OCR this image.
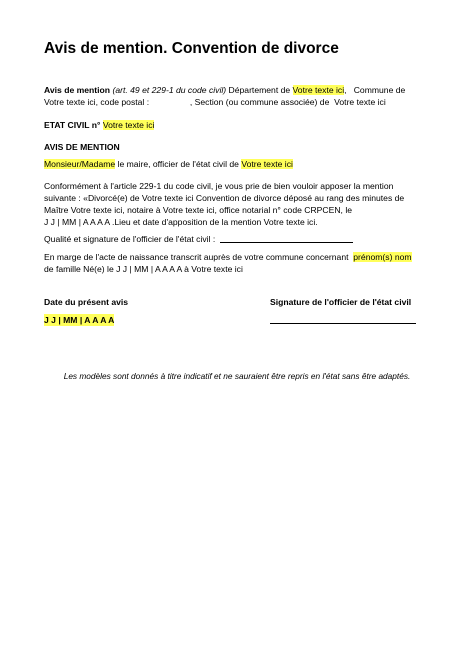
Avis de mention. Convention de divorce
Avis de mention (art. 49 et 229-1 du code civil) Département de Votre texte ici,   Commune de
Votre texte ici, code postal :	, Section (ou commune associée) de Votre texte ici
ETAT CIVIL n° Votre texte ici
AVIS DE MENTION
Monsieur/Madame le maire, officier de l'état civil de Votre texte ici
Conformément à l'article 229-1 du code civil, je vous prie de bien vouloir apposer la mention
suivante : «Divorcé(e) de Votre texte ici Convention de divorce déposé au rang des minutes de
Maître Votre texte ici, notaire à Votre texte ici, office notarial n° code CRPCEN, le
J J | MM | A A A A .Lieu et date d'apposition de la mention Votre texte ici.
Qualité et signature de l'officier de l'état civil :
En marge de l'acte de naissance transcrit auprès de votre commune concernant prénom(s) nom
de famille Né(e) le J J | MM | A A A A à Votre texte ici
Date du présent avis	Signature de l'officier de l'état civil
J J | MM | A A A A
Les modèles sont donnés à titre indicatif et ne sauraient être repris en l'état sans être adaptés.
